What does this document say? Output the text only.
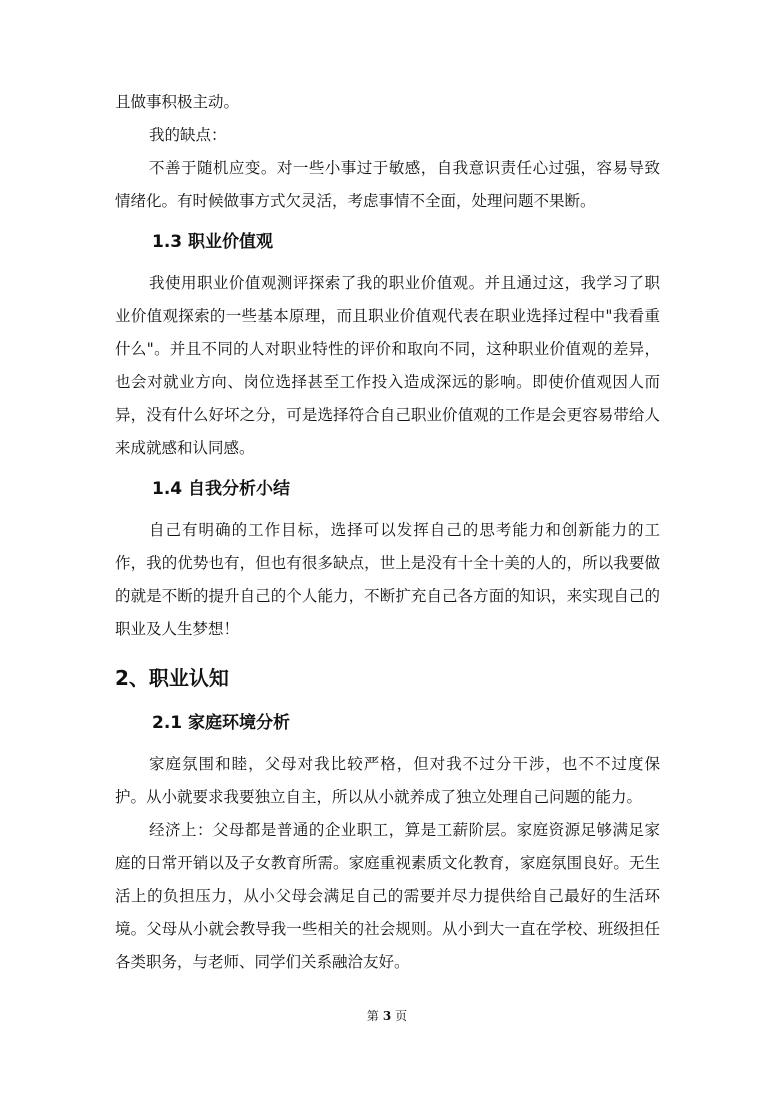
且做事积极主动。

我的缺点：

不善于随机应变。对一些小事过于敏感，自我意识责任心过强，容易导致情绪化。有时候做事方式欠灵活，考虑事情不全面，处理问题不果断。

1.3 职业价值观

我使用职业价值观测评探索了我的职业价值观。并且通过这，我学习了职业价值观探索的一些基本原理，而且职业价值观代表在职业选择过程中"我看重什么"。并且不同的人对职业特性的评价和取向不同，这种职业价值观的差异，也会对就业方向、岗位选择甚至工作投入造成深远的影响。即使价值观因人而异，没有什么好坏之分，可是选择符合自己职业价值观的工作是会更容易带给人来成就感和认同感。

1.4 自我分析小结

自己有明确的工作目标，选择可以发挥自己的思考能力和创新能力的工作，我的优势也有，但也有很多缺点，世上是没有十全十美的人的，所以我要做的就是不断的提升自己的个人能力，不断扩充自己各方面的知识，来实现自己的职业及人生梦想！

2、职业认知
2.1 家庭环境分析

家庭氛围和睦，父母对我比较严格，但对我不过分干涉，也不不过度保护。从小就要求我要独立自主，所以从小就养成了独立处理自己问题的能力。

经济上：父母都是普通的企业职工，算是工薪阶层。家庭资源足够满足家庭的日常开销以及子女教育所需。家庭重视素质文化教育，家庭氛围良好。无生活上的负担压力，从小父母会满足自己的需要并尽力提供给自己最好的生活环境。父母从小就会教导我一些相关的社会规则。从小到大一直在学校、班级担任各类职务，与老师、同学们关系融洽友好。

第 3 页
